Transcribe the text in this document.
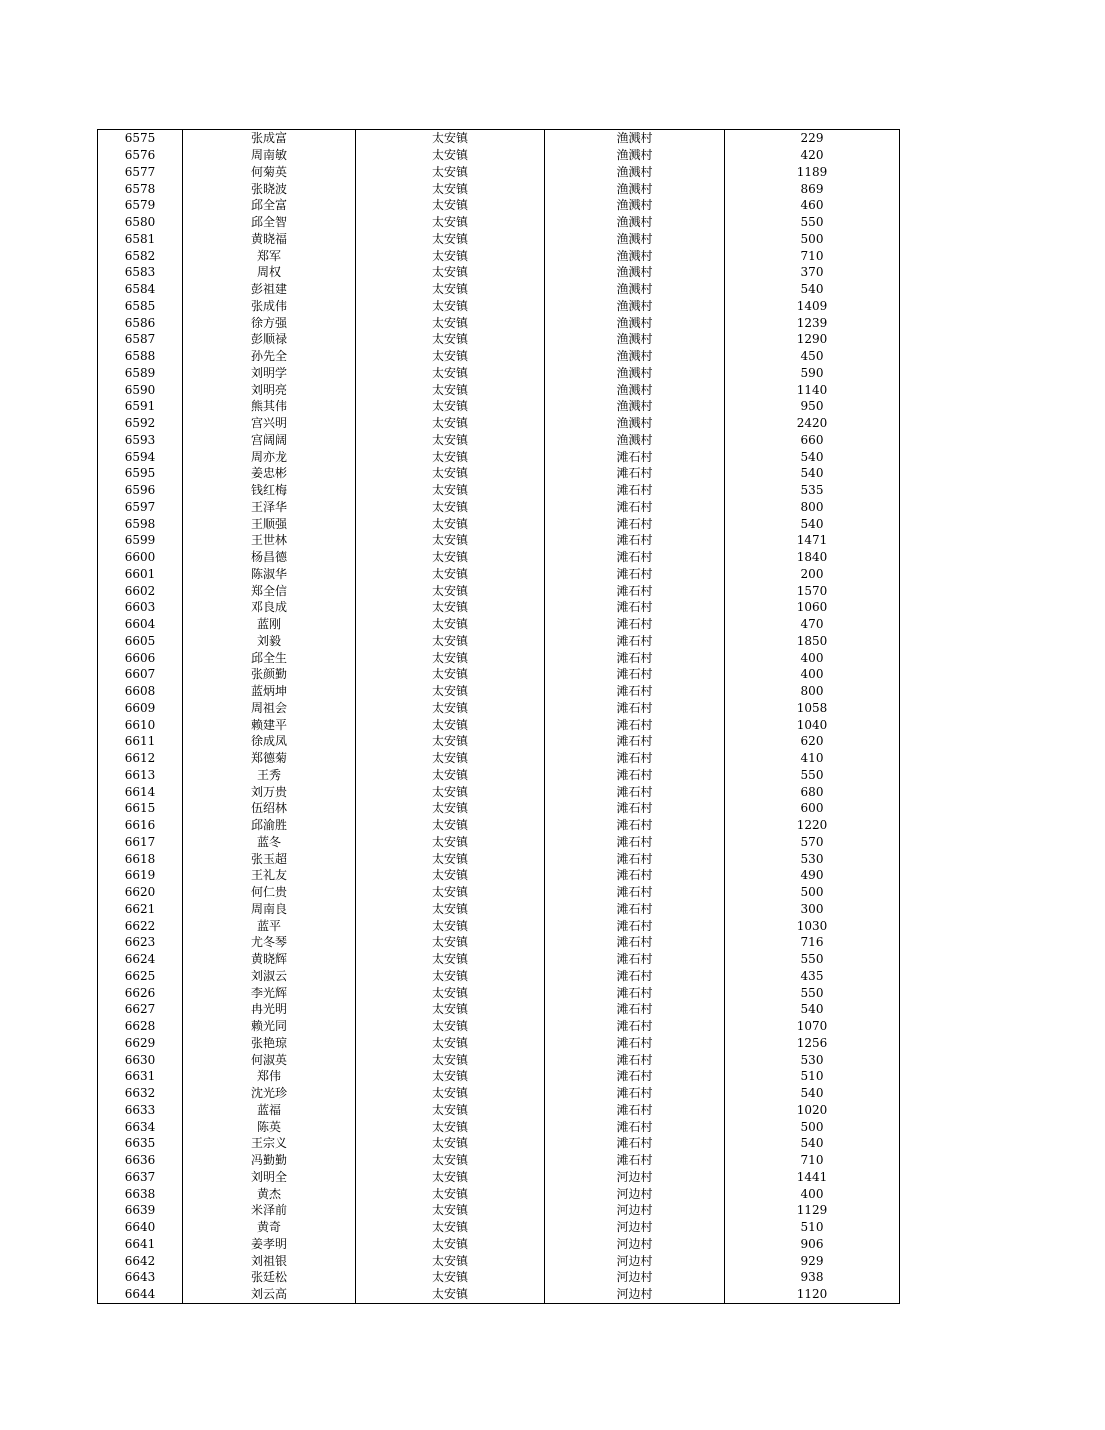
6575	张成富	太安镇	渔溅村	229
6576	周南敏	太安镇	渔溅村	420
6577	何菊英	太安镇	渔溅村	1189
6578	张晓波	太安镇	渔溅村	869
6579	邱全富	太安镇	渔溅村	460
6580	邱全智	太安镇	渔溅村	550
6581	黄晓福	太安镇	渔溅村	500
6582	郑军	太安镇	渔溅村	710
6583	周权	太安镇	渔溅村	370
6584	彭祖建	太安镇	渔溅村	540
6585	张成伟	太安镇	渔溅村	1409
6586	徐方强	太安镇	渔溅村	1239
6587	彭顺禄	太安镇	渔溅村	1290
6588	孙先全	太安镇	渔溅村	450
6589	刘明学	太安镇	渔溅村	590
6590	刘明亮	太安镇	渔溅村	1140
6591	熊其伟	太安镇	渔溅村	950
6592	宫兴明	太安镇	渔溅村	2420
6593	宫阔阔	太安镇	渔溅村	660
6594	周亦龙	太安镇	滩石村	540
6595	姜忠彬	太安镇	滩石村	540
6596	钱红梅	太安镇	滩石村	535
6597	王泽华	太安镇	滩石村	800
6598	王顺强	太安镇	滩石村	540
6599	王世林	太安镇	滩石村	1471
6600	杨昌德	太安镇	滩石村	1840
6601	陈淑华	太安镇	滩石村	200
6602	郑全信	太安镇	滩石村	1570
6603	邓良成	太安镇	滩石村	1060
6604	蓝刚	太安镇	滩石村	470
6605	刘毅	太安镇	滩石村	1850
6606	邱全生	太安镇	滩石村	400
6607	张颜勤	太安镇	滩石村	400
6608	蓝炳坤	太安镇	滩石村	800
6609	周祖会	太安镇	滩石村	1058
6610	赖建平	太安镇	滩石村	1040
6611	徐成凤	太安镇	滩石村	620
6612	郑德菊	太安镇	滩石村	410
6613	王秀	太安镇	滩石村	550
6614	刘万贵	太安镇	滩石村	680
6615	伍绍林	太安镇	滩石村	600
6616	邱渝胜	太安镇	滩石村	1220
6617	蓝冬	太安镇	滩石村	570
6618	张玉超	太安镇	滩石村	530
6619	王礼友	太安镇	滩石村	490
6620	何仁贵	太安镇	滩石村	500
6621	周南良	太安镇	滩石村	300
6622	蓝平	太安镇	滩石村	1030
6623	尤冬琴	太安镇	滩石村	716
6624	黄晓辉	太安镇	滩石村	550
6625	刘淑云	太安镇	滩石村	435
6626	李光辉	太安镇	滩石村	550
6627	冉光明	太安镇	滩石村	540
6628	赖光同	太安镇	滩石村	1070
6629	张艳琼	太安镇	滩石村	1256
6630	何淑英	太安镇	滩石村	530
6631	郑伟	太安镇	滩石村	510
6632	沈光珍	太安镇	滩石村	540
6633	蓝福	太安镇	滩石村	1020
6634	陈英	太安镇	滩石村	500
6635	王宗义	太安镇	滩石村	540
6636	冯勤勤	太安镇	滩石村	710
6637	刘明全	太安镇	河边村	1441
6638	黄杰	太安镇	河边村	400
6639	米泽前	太安镇	河边村	1129
6640	黄奇	太安镇	河边村	510
6641	姜孝明	太安镇	河边村	906
6642	刘祖银	太安镇	河边村	929
6643	张廷松	太安镇	河边村	938
6644	刘云高	太安镇	河边村	1120
